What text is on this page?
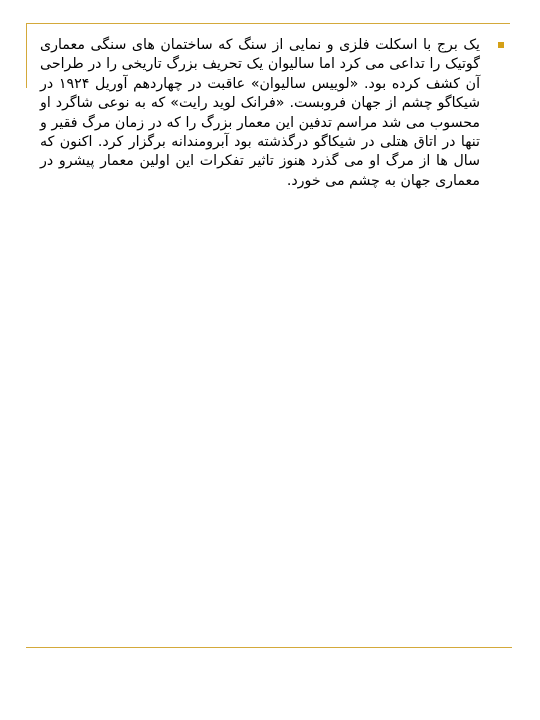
یک برج با اسکلت فلزی و نمایی از سنگ که ساختمان های سنگی معماری گوتیک را تداعی می کرد اما سالیوان یک تحریف بزرگ تاریخی را در طراحی آن کشف کرده بود. «لوییس سالیوان» عاقبت در چهاردهم آوریل ۱۹۲۴ در شیکاگو چشم از جهان فروبست. «فرانک لوید رایت» که به نوعی شاگرد او محسوب می شد مراسم تدفین این معمار بزرگ را که در زمان مرگ فقیر و تنها در اتاق هتلی در شیکاگو درگذشته بود آبرومندانه برگزار کرد. اکنون که سال ها از مرگ او می گذرد هنوز تاثیر تفکرات این اولین معمار پیشرو در معماری جهان به چشم می خورد.
